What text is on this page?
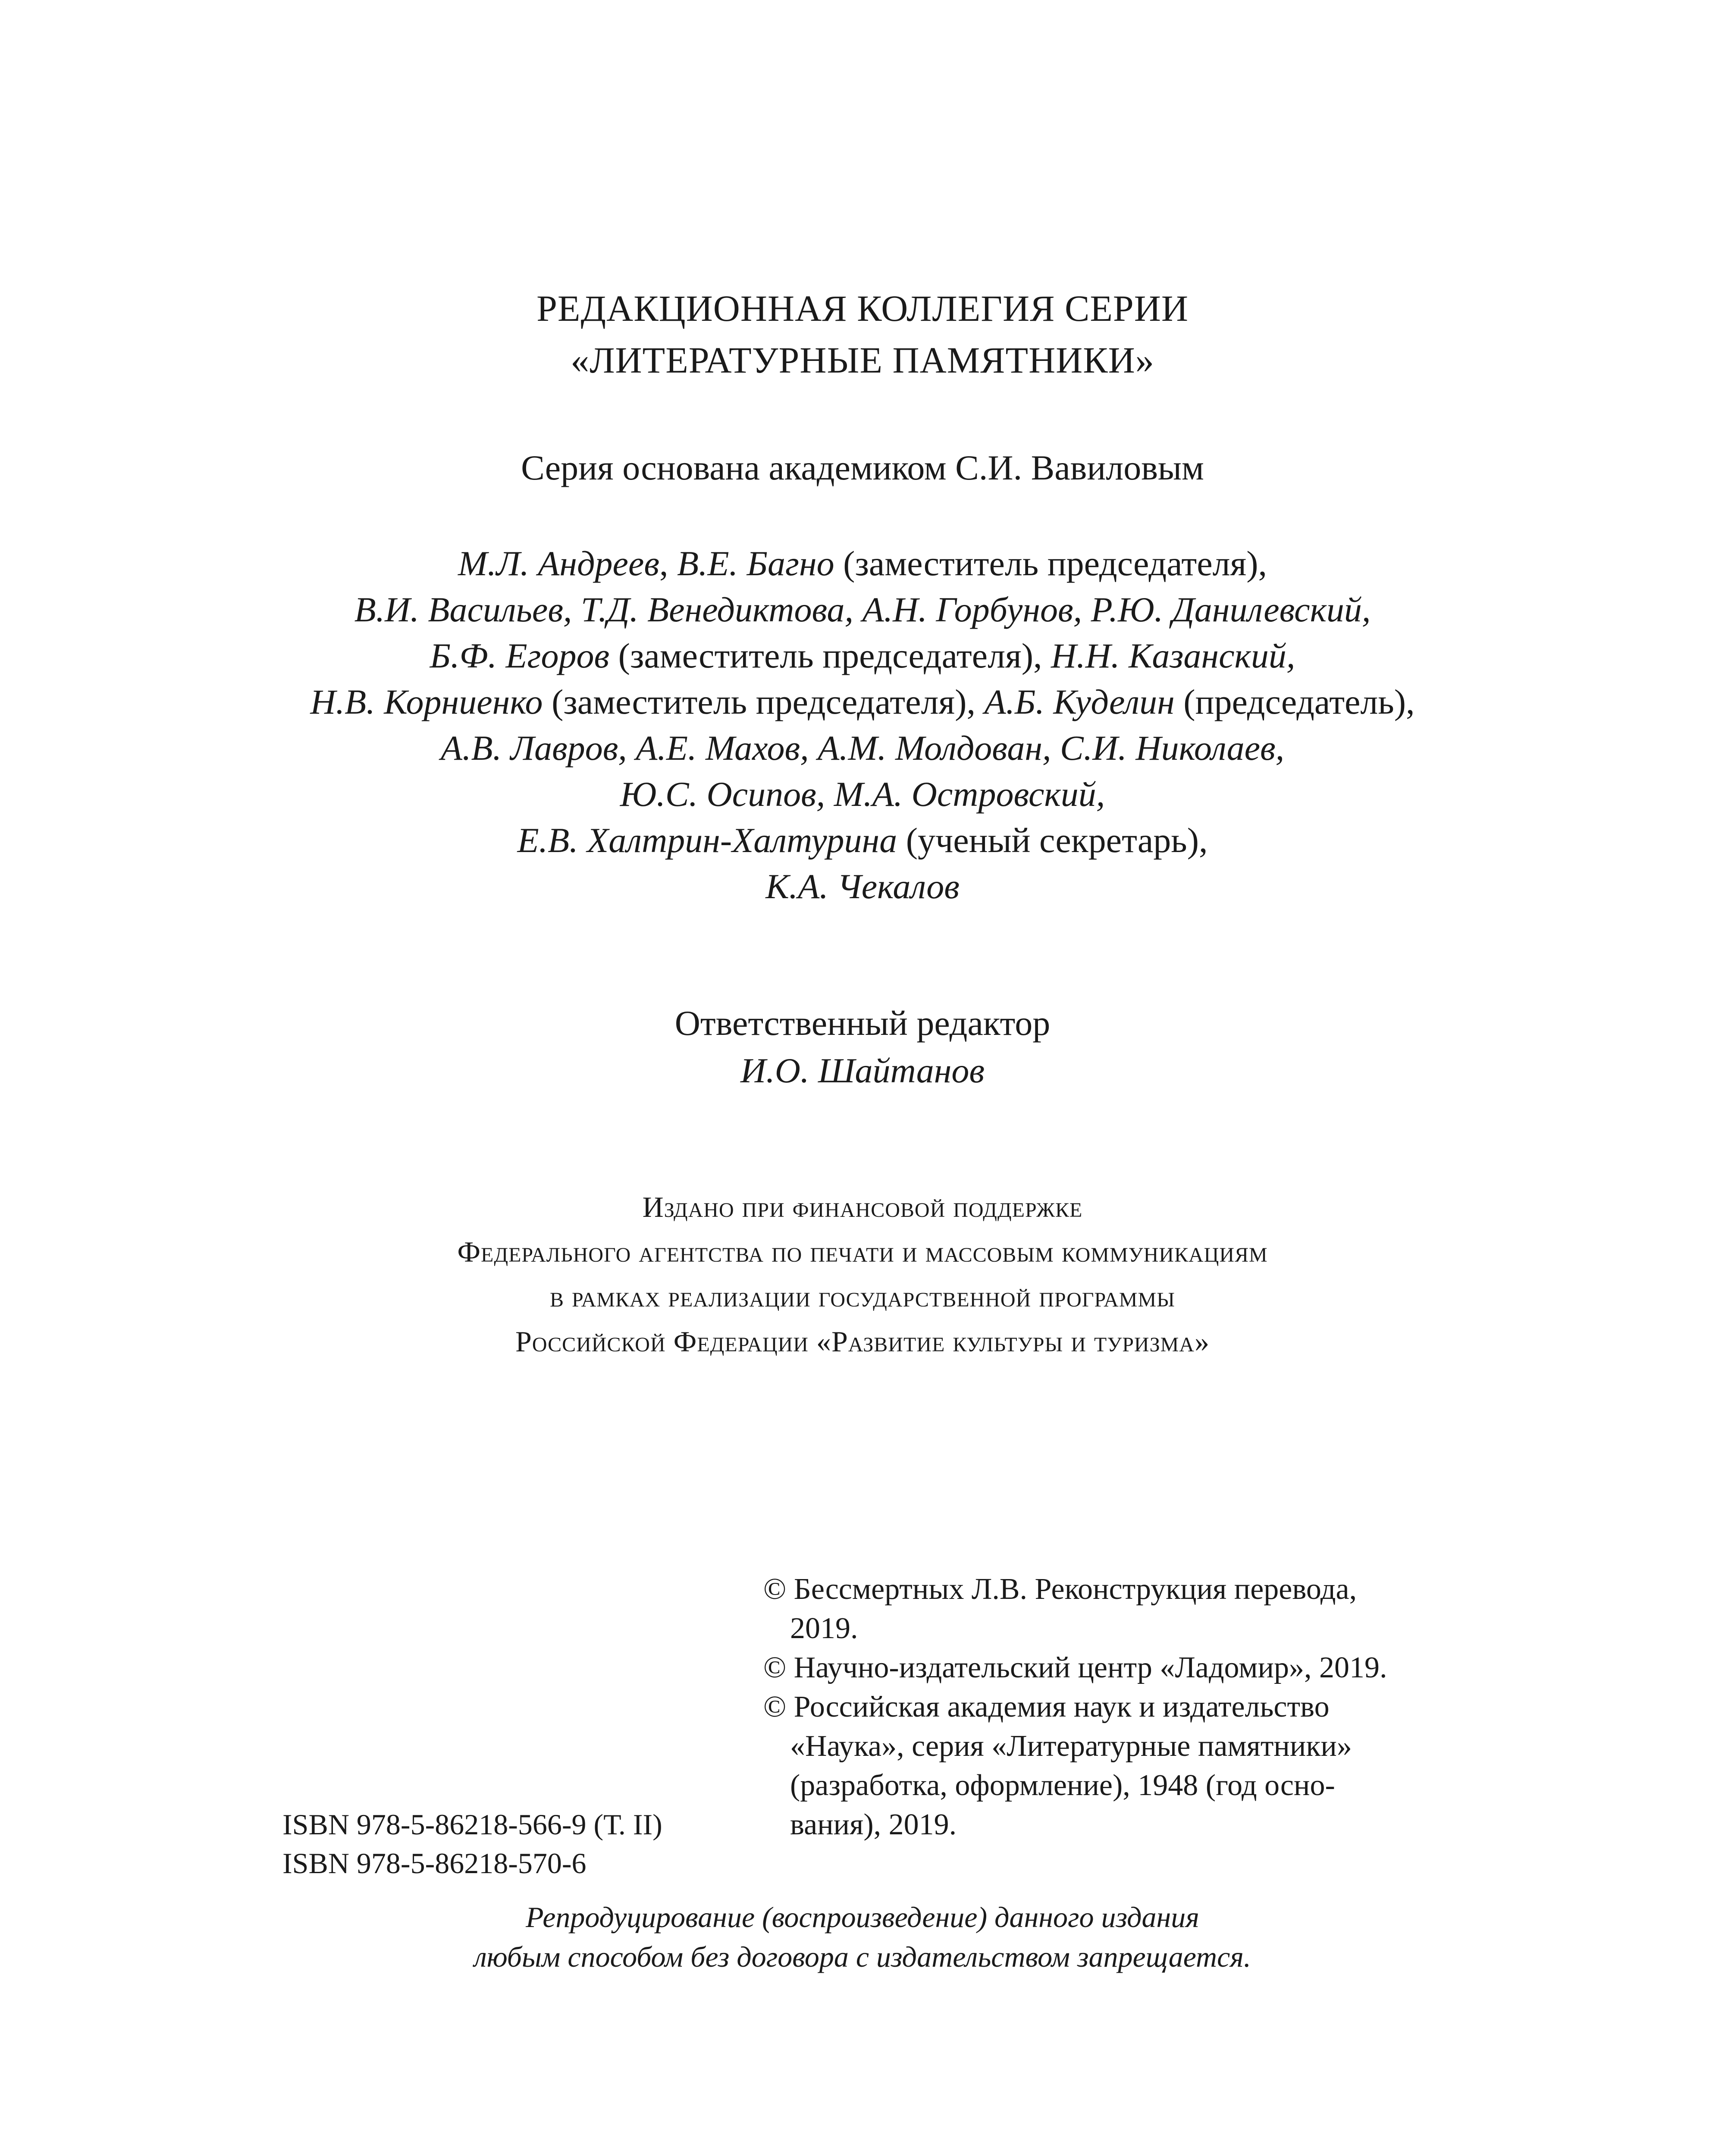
РЕДАКЦИОННАЯ КОЛЛЕГИЯ СЕРИИ
«ЛИТЕРАТУРНЫЕ ПАМЯТНИКИ»
Серия основана академиком С.И. Вавиловым
М.Л. Андреев, В.Е. Багно (заместитель председателя),
В.И. Васильев, Т.Д. Венедиктова, А.Н. Горбунов, Р.Ю. Данилевский,
Б.Ф. Егоров (заместитель председателя), Н.Н. Казанский,
Н.В. Корниенко (заместитель председателя), А.Б. Куделин (председатель),
А.В. Лавров, А.Е. Махов, А.М. Молдован, С.И. Николаев,
Ю.С. Осипов, М.А. Островский,
Е.В. Халтрин-Халтурина (ученый секретарь),
К.А. Чекалов
Ответственный редактор
И.О. Шайтанов
Издано при финансовой поддержке
Федерального агентства по печати и массовым коммуникациям
в рамках реализации государственной программы
Российской Федерации «Развитие культуры и туризма»
© Бессмертных Л.В. Реконструкция перевода,
2019.
© Научно-издательский центр «Ладомир», 2019.
© Российская академия наук и издательство
«Наука», серия «Литературные памятники»
(разработка, оформление), 1948 (год осно-
вания), 2019.
ISBN 978-5-86218-566-9 (Т. II)
ISBN 978-5-86218-570-6
Репродуцирование (воспроизведение) данного издания
любым способом без договора с издательством запрещается.
